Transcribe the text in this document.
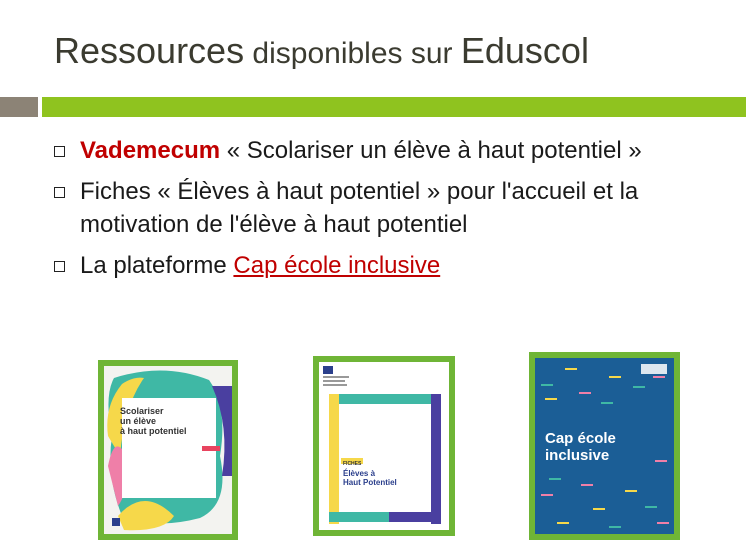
Ressources disponibles sur Eduscol
Vademecum « Scolariser un élève à haut potentiel »
Fiches « Élèves à haut potentiel » pour l'accueil et la motivation de l'élève à haut potentiel
La plateforme Cap école inclusive
Scolariser
un élève
à haut potentiel
FICHES
Élèves à
Haut Potentiel
Cap école
inclusive
